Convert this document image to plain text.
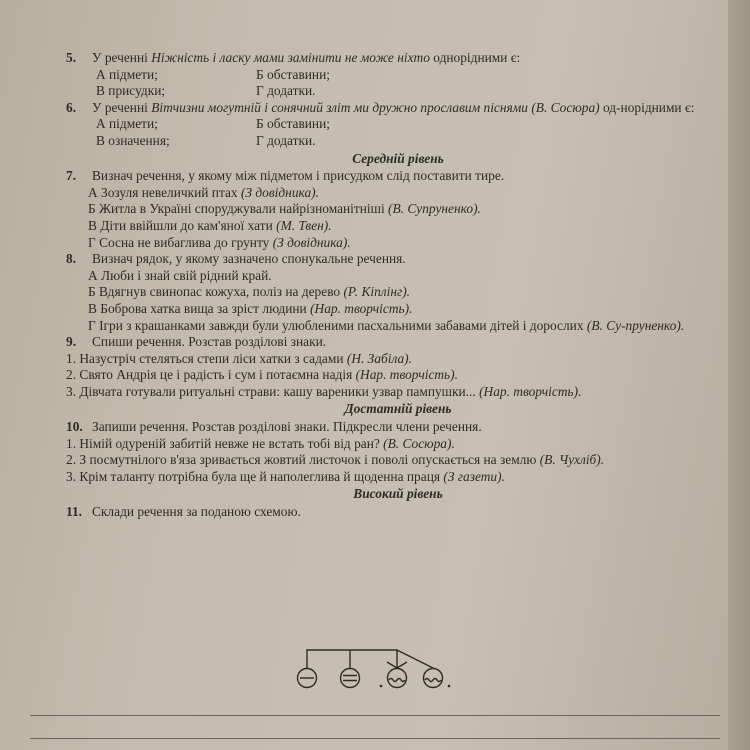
5.	У реченні Ніжність і ласку мами замінити не може ніхто однорідними є:
А підмети;	Б обставини;
В присудки;	Г додатки.
6.	У реченні Вітчизни могутній і сонячний злiт ми дружно прославим піснями (В. Сосюра) од-норідними є:
А підмети;	Б обставини;
В означення;	Г додатки.
Середній рівень
7.	Визнач речення, у якому між підметом і присудком слід поставити тире.
А Зозуля невеличкий птах (З довідника).
Б Житла в Україні споруджували найрізноманітніші (В. Супруненко).
В Діти ввійшли до кам'яної хати (М. Твен).
Г Сосна не вибаглива до грунту (З довідника).
8.	Визнач рядок, у якому зазначено спонукальне речення.
А Люби і знай свій рідний край.
Б Вдягнув свинопас кожуха, поліз на дерево (Р. Кіплінг).
В Боброва хатка вища за зріст людини (Нар. творчість).
Г Ігри з крашанками завжди були улюбленими пасхальними забавами дітей і дорослих (В. Су-пруненко).
9.	Спиши речення. Розстав розділові знаки.
1. Назустріч стеляться степи ліси хатки з садами (Н. Забіла).
2. Свято Андрія це і радість і сум і потаємна надія (Нар. творчість).
3. Дівчата готували ритуальні страви: кашу вареники узвар пампушки... (Нар. творчість).
Достатній рівень
10. Запиши речення. Розстав розділові знаки. Підкресли члени речення.
1. Німій одуреній забитій невже не встать тобі від ран? (В. Сосюра).
2. З посмутнілого в'яза зривається жовтий листочок і поволі опускається на землю (В. Чухліб).
3. Крім таланту потрібна була ще й наполеглива й щоденна праця (З газети).
Високий рівень
11. Склади речення за поданою схемою.
